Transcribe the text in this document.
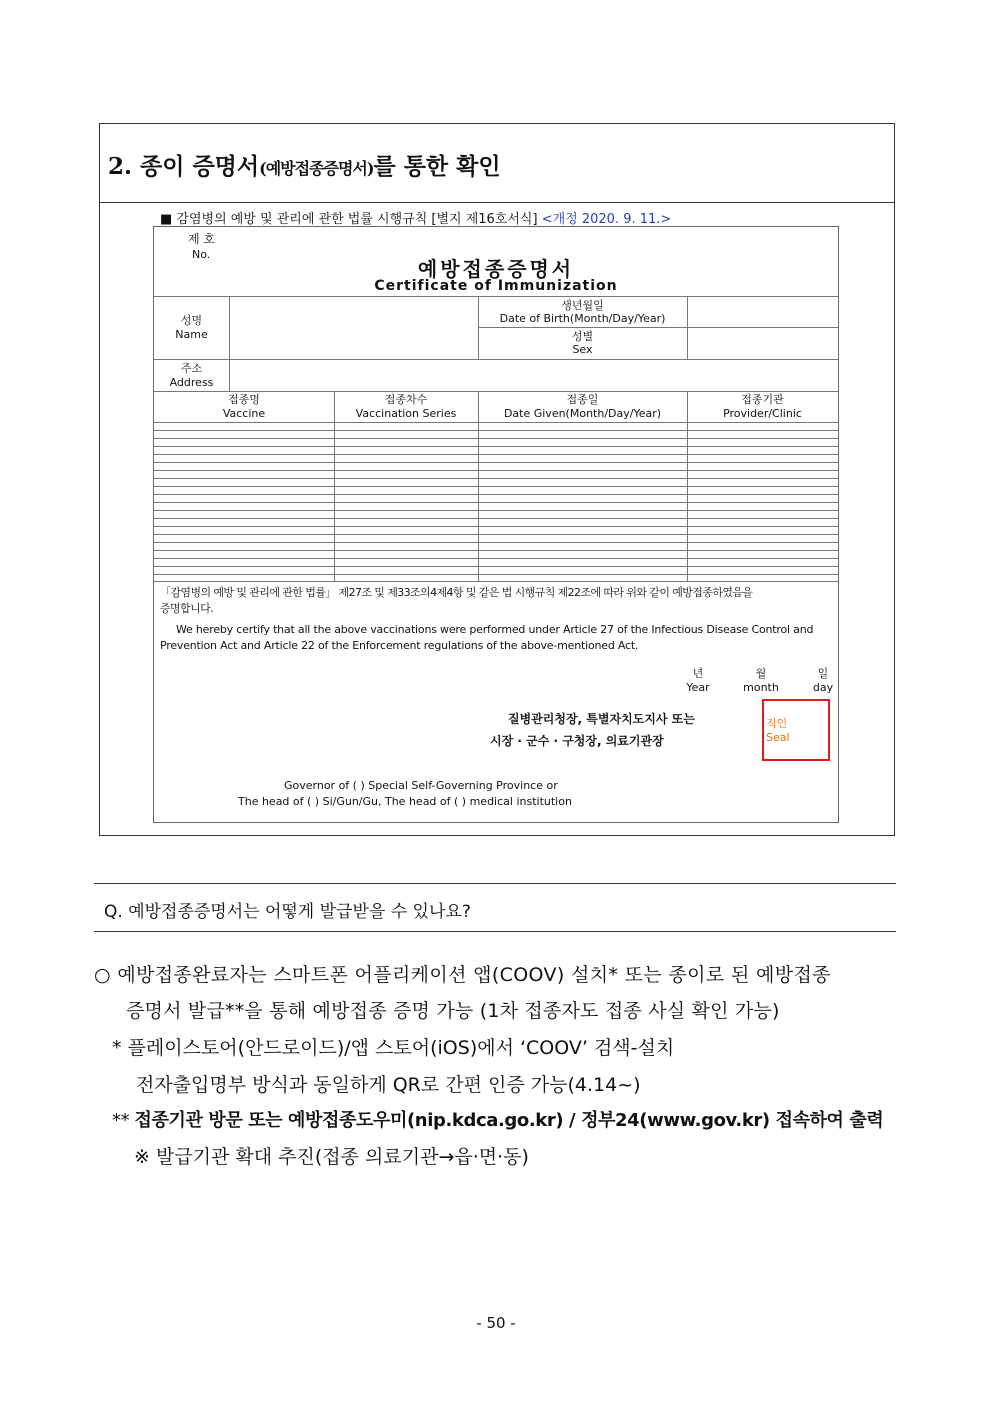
2. 종이 증명서(예방접종증명서)를 통한 확인
■ 감염병의 예방 및 관리에 관한 법률 시행규칙 [별지 제16호서식] <개정 2020. 9. 11.>
제 호
No.
예방접종증명서
Certificate of Immunization
성명
Name
생년월일
Date of Birth(Month/Day/Year)
성별
Sex
주소
Address
접종명
Vaccine
접종차수
Vaccination Series
접종일
Date Given(Month/Day/Year)
접종기관
Provider/Clinic
「감염병의 예방 및 관리에 관한 법률」 제27조 및 제33조의4제4항 및 같은 법 시행규칙 제22조에 따라 위와 같이 예방접종하였음을
증명합니다.
We hereby certify that all the above vaccinations were performed under Article 27 of the Infectious Disease Control and
Prevention Act and Article 22 of the Enforcement regulations of the above-mentioned Act.
년
Year
월
month
일
day
질병관리청장, 특별자치도지사 또는
시장 · 군수 · 구청장, 의료기관장
직인
Seal
Governor of ( ) Special Self-Governing Province or
The head of ( ) Si/Gun/Gu, The head of ( ) medical institution
Q. 예방접종증명서는 어떻게 발급받을 수 있나요?
○ 예방접종완료자는 스마트폰 어플리케이션 앱(COOV) 설치* 또는 종이로 된 예방접종
증명서 발급**을 통해 예방접종 증명 가능 (1차 접종자도 접종 사실 확인 가능)
* 플레이스토어(안드로이드)/앱 스토어(iOS)에서 ‘COOV’ 검색-설치
전자출입명부 방식과 동일하게 QR로 간편 인증 가능(4.14~)
** 접종기관 방문 또는 예방접종도우미(nip.kdca.go.kr) / 정부24(www.gov.kr) 접속하여 출력
※ 발급기관 확대 추진(접종 의료기관→읍·면·동)
- 50 -
